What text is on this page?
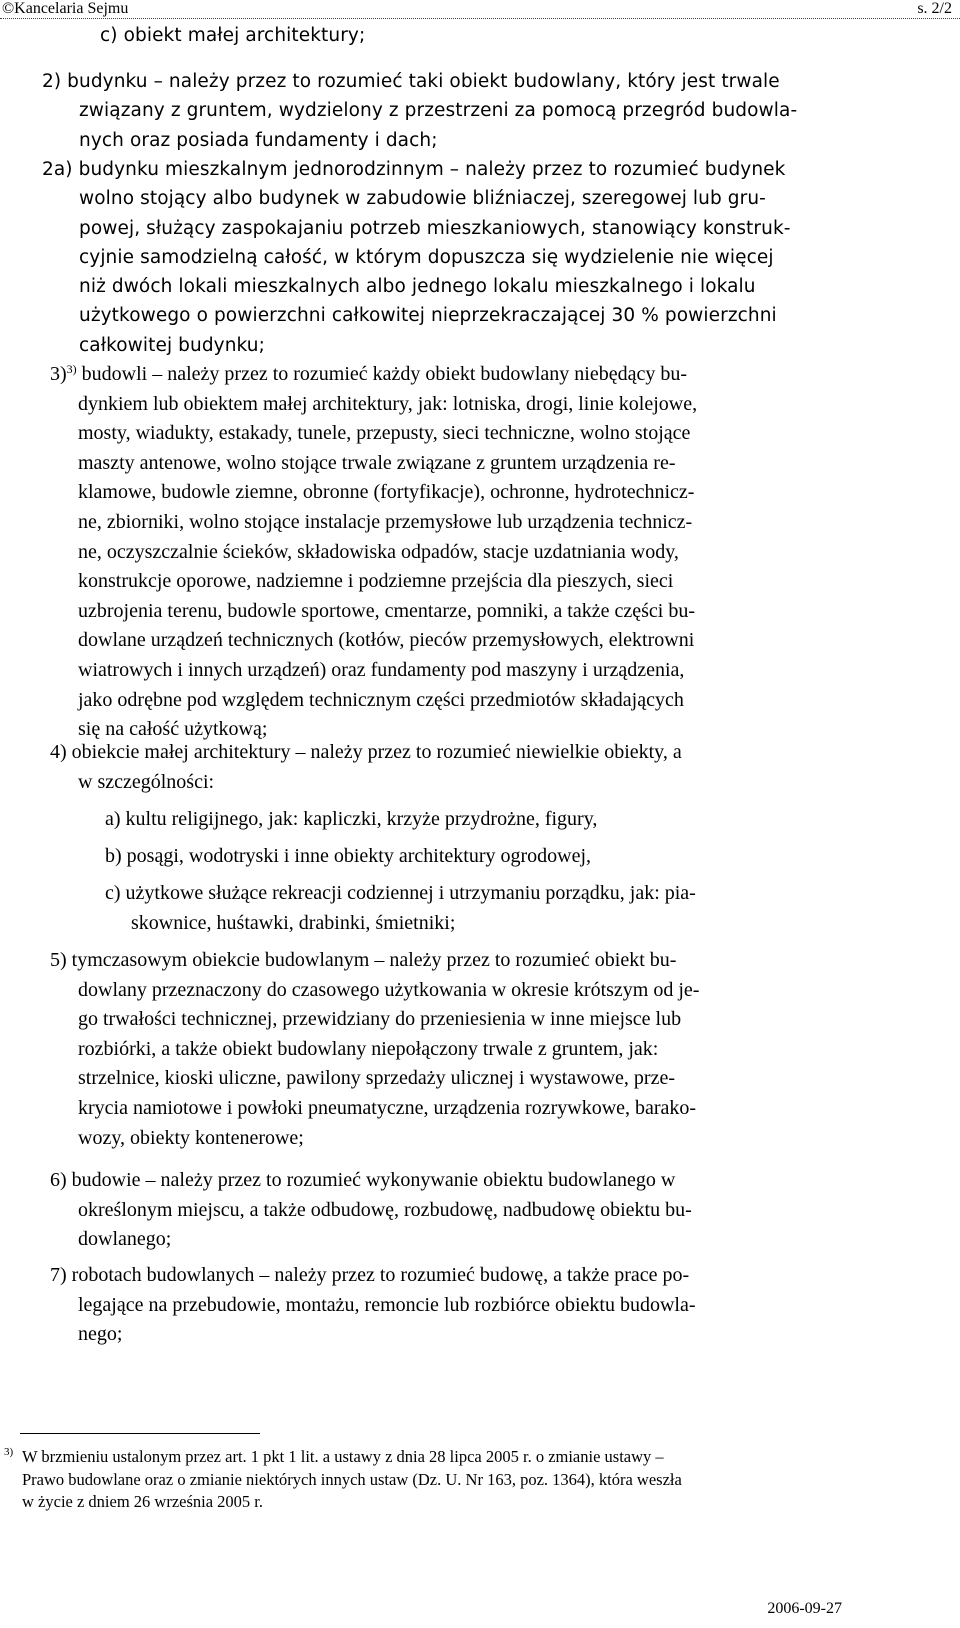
©Kancelaria Sejmu	s. 2/2
c) obiekt małej architektury;
2) budynku – należy przez to rozumieć taki obiekt budowlany, który jest trwale
związany z gruntem, wydzielony z przestrzeni za pomocą przegród budowla-
nych oraz posiada fundamenty i dach;
2a) budynku mieszkalnym jednorodzinnym – należy przez to rozumieć budynek
wolno stojący albo budynek w zabudowie bliźniaczej, szeregowej lub gru-
powej, służący zaspokajaniu potrzeb mieszkaniowych, stanowiący konstruk-
cyjnie samodzielną całość, w którym dopuszcza się wydzielenie nie więcej
niż dwóch lokali mieszkalnych albo jednego lokalu mieszkalnego i lokalu
użytkowego o powierzchni całkowitej nieprzekraczającej 30 % powierzchni
całkowitej budynku;
3)$^{3)}$ budowli – należy przez to rozumieć każdy obiekt budowlany niebędący bu-
dynkiem lub obiektem małej architektury, jak: lotniska, drogi, linie kolejowe,
mosty, wiadukty, estakady, tunele, przepusty, sieci techniczne, wolno stojące
maszty antenowe, wolno stojące trwale związane z gruntem urządzenia re-
klamowe, budowle ziemne, obronne (fortyfikacje), ochronne, hydrotechnicz-
ne, zbiorniki, wolno stojące instalacje przemysłowe lub urządzenia technicz-
ne, oczyszczalnie ścieków, składowiska odpadów, stacje uzdatniania wody,
konstrukcje oporowe, nadziemne i podziemne przejścia dla pieszych, sieci
uzbrojenia terenu, budowle sportowe, cmentarze, pomniki, a także części bu-
dowlane urządzeń technicznych (kotłów, pieców przemysłowych, elektrowni
wiatrowych i innych urządzeń) oraz fundamenty pod maszyny i urządzenia,
jako odrębne pod względem technicznym części przedmiotów składających
się na całość użytkową;
4) obiekcie małej architektury – należy przez to rozumieć niewielkie obiekty, a
w szczególności:
a) kultu religijnego, jak: kapliczki, krzyże przydrożne, figury,
b) posągi, wodotryski i inne obiekty architektury ogrodowej,
c) użytkowe służące rekreacji codziennej i utrzymaniu porządku, jak: pia-
skownice, huśtawki, drabinki, śmietniki;
5) tymczasowym obiekcie budowlanym – należy przez to rozumieć obiekt bu-
dowlany przeznaczony do czasowego użytkowania w okresie krótszym od je-
go trwałości technicznej, przewidziany do przeniesienia w inne miejsce lub
rozbiórki, a także obiekt budowlany niepołączony trwale z gruntem, jak:
strzelnice, kioski uliczne, pawilony sprzedaży ulicznej i wystawowe, prze-
krycia namiotowe i powłoki pneumatyczne, urządzenia rozrywkowe, barako-
wozy, obiekty kontenerowe;
6) budowie – należy przez to rozumieć wykonywanie obiektu budowlanego w
określonym miejscu, a także odbudowę, rozbudowę, nadbudowę obiektu bu-
dowlanego;
7) robotach budowlanych – należy przez to rozumieć budowę, a także prace po-
legające na przebudowie, montażu, remoncie lub rozbiórce obiektu budowla-
nego;
3) W brzmieniu ustalonym przez art. 1 pkt 1 lit. a ustawy z dnia 28 lipca 2005 r. o zmianie ustawy –
Prawo budowlane oraz o zmianie niektórych innych ustaw (Dz. U. Nr 163, poz. 1364), która weszła
w życie z dniem 26 września 2005 r.
2006-09-27
